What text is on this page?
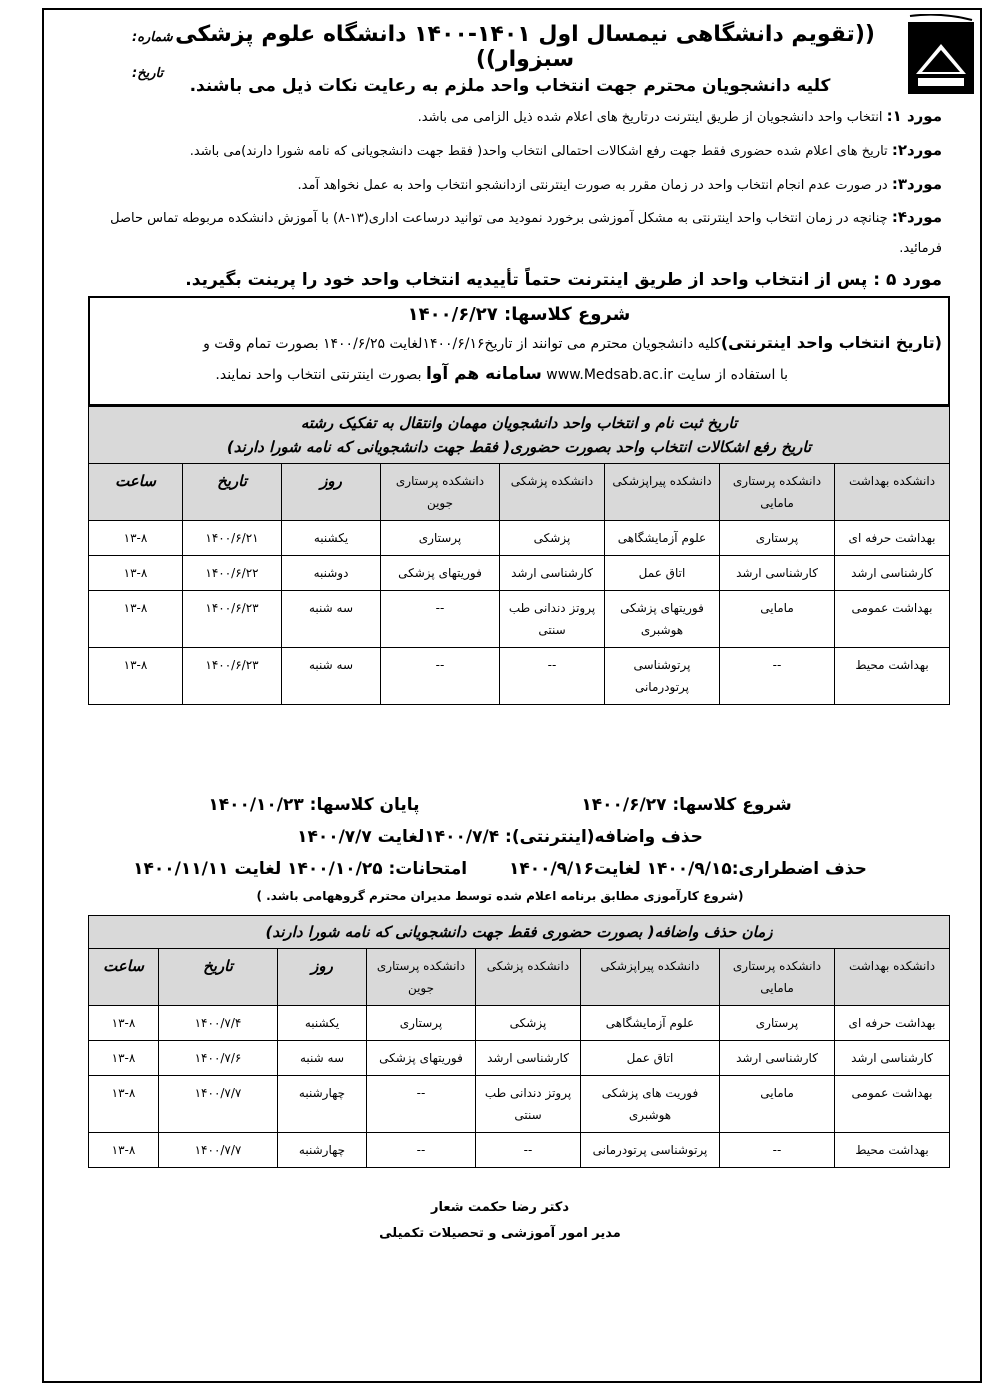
((تقویم دانشگاهی نیمسال اول ۱۴۰۱-۱۴۰۰ دانشگاه علوم پزشکی سبزوار))
شماره:
تاریخ:
کلیه دانشجویان محترم جهت انتخاب واحد ملزم به رعایت نکات ذیل می باشند.
مورد ۱: انتخاب واحد دانشجویان از طریق اینترنت درتاریخ های اعلام شده ذیل الزامی می باشد.
مورد۲: تاریخ های اعلام شده حضوری فقط جهت رفع اشکالات احتمالی انتخاب واحد( فقط جهت دانشجویانی که نامه شورا دارند)می باشد.
مورد۳: در صورت عدم انجام انتخاب واحد در زمان مقرر به صورت اینترنتی ازدانشجو انتخاب واحد به عمل نخواهد آمد.
مورد۴: چنانچه در زمان انتخاب واحد اینترنتی به مشکل آموزشی برخورد نمودید می توانید درساعت اداری(۱۳-۸) با آموزش دانشکده مربوطه تماس حاصل فرمائید.
مورد ۵ : پس از انتخاب واحد از طریق اینترنت حتماً تأییدیه انتخاب واحد خود را پرینت بگیرید.
شروع کلاسها: ۱۴۰۰/۶/۲۷
(تاریخ انتخاب واحد اینترنتی)کلیه دانشجویان محترم می توانند از تاریخ۱۴۰۰/۶/۱۶لغایت ۱۴۰۰/۶/۲۵ بصورت تمام وقت و
با استفاده از سایت www.Medsab.ac.ir سامانه هم آوا بصورت اینترنتی انتخاب واحد نمایند.
تاریخ ثبت نام و انتخاب واحد دانشجویان مهمان وانتقال به تفکیک رشته
تاریخ رفع اشکالات انتخاب واحد بصورت حضوری( فقط جهت دانشجویانی که نامه شورا دارند)							

دانشکده بهداشت	دانشکده پرستاری مامایی	دانشکده پیراپزشکی	دانشکده پزشکی	دانشکده پرستاری جوین	روز	تاریخ	ساعت
بهداشت حرفه ای	پرستاری	علوم آزمایشگاهی	پزشکی	پرستاری	یکشنبه	۱۴۰۰/۶/۲۱	۱۳-۸
کارشناسی ارشد	کارشناسی ارشد	اتاق عمل	کارشناسی ارشد	فوریتهای پزشکی	دوشنبه	۱۴۰۰/۶/۲۲	۱۳-۸
بهداشت عمومی	مامایی	فوریتهای پزشکی هوشبری	پروتز دندانی طب سنتی	--	سه شنبه	۱۴۰۰/۶/۲۳	۱۳-۸
بهداشت محیط	--	پرتوشناسی پرتودرمانی	--	--	سه شنبه	۱۴۰۰/۶/۲۳	۱۳-۸
شروع کلاسها: ۱۴۰۰/۶/۲۷  پایان کلاسها: ۱۴۰۰/۱۰/۲۳
حذف واضافه(اینترنتی): ۱۴۰۰/۷/۴لغایت ۱۴۰۰/۷/۷
حذف اضطراری:۱۴۰۰/۹/۱۵ لغایت۱۴۰۰/۹/۱۶  امتحانات: ۱۴۰۰/۱۰/۲۵ لغایت ۱۴۰۰/۱۱/۱۱
(شروع کارآموزی مطابق برنامه اعلام شده توسط مدیران محترم گروههامی باشد. )
زمان حذف واضافه( بصورت حضوری فقط جهت دانشجویانی که نامه شورا دارند)							
دانشکده بهداشت	دانشکده پرستاری مامایی	دانشکده پیراپزشکی	دانشکده پزشکی	دانشکده پرستاری جوین	روز	تاریخ	ساعت
بهداشت حرفه ای	پرستاری	علوم آزمایشگاهی	پزشکی	پرستاری	یکشنبه	۱۴۰۰/۷/۴	۱۳-۸
کارشناسی ارشد	کارشناسی ارشد	اتاق عمل	کارشناسی ارشد	فوریتهای پزشکی	سه شنبه	۱۴۰۰/۷/۶	۱۳-۸
بهداشت عمومی	مامایی	فوریت های پزشکی هوشبری	پروتز دندانی طب سنتی	--	چهارشنبه	۱۴۰۰/۷/۷	۱۳-۸
بهداشت محیط	--	پرتوشناسی پرتودرمانی	--	--	چهارشنبه	۱۴۰۰/۷/۷	۱۳-۸
دکتر رضا حکمت شعار
مدیر امور آموزشی و تحصیلات تکمیلی
